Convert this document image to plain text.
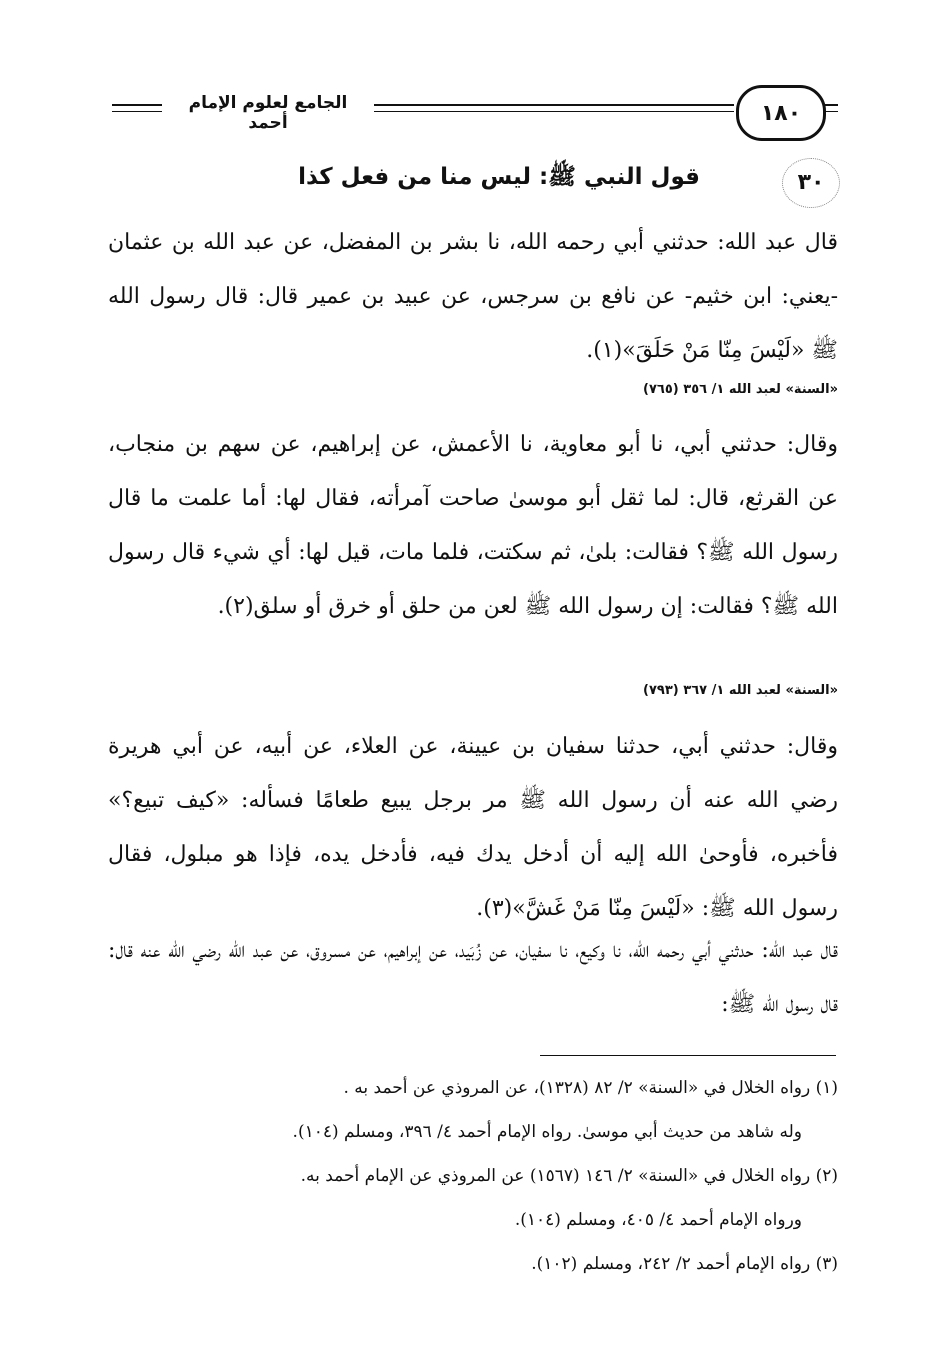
الجامع لعلوم الإمام أحمد	١٨٠
٣٠
قول النبي ﷺ: ليس منا من فعل كذا

قال عبد الله: حدثني أبي رحمه الله، نا بشر بن المفضل، عن عبد الله بن عثمان -يعني: ابن خثيم- عن نافع بن سرجس، عن عبيد بن عمير قال: قال رسول الله ﷺ «لَيْسَ مِنّا مَنْ حَلَقَ»(١).

«السنة» لعبد الله ١/ ٣٥٦ (٧٦٥)

وقال: حدثني أبي، نا أبو معاوية، نا الأعمش، عن إبراهيم، عن سهم بن منجاب، عن القرثع، قال: لما ثقل أبو موسىٰ صاحت آمرأته، فقال لها: أما علمت ما قال رسول الله ﷺ؟ فقالت: بلىٰ، ثم سكتت، فلما مات، قيل لها: أي شيء قال رسول الله ﷺ؟ فقالت: إن رسول الله ﷺ لعن من حلق أو خرق أو سلق(٢).

«السنة» لعبد الله ١/ ٣٦٧ (٧٩٣)

وقال: حدثني أبي، حدثنا سفيان بن عيينة، عن العلاء، عن أبيه، عن أبي هريرة رضي الله عنه أن رسول الله ﷺ مر برجل يبيع طعامًا فسأله: «كيف تبيع؟» فأخبره، فأوحىٰ الله إليه أن أدخل يدك فيه، فأدخل يده، فإذا هو مبلول، فقال رسول الله ﷺ: «لَيْسَ مِنّا مَنْ غَشَّ»(٣).

قال عبد الله: حدثني أبي رحمه الله، نا وكيع، نا سفيان، عن زُبَيد، عن إبراهيم، عن مسروق، عن عبد الله رضي الله عنه قال: قال رسول الله ﷺ:

(١) رواه الخلال في «السنة» ٢/ ٨٢ (١٣٢٨)، عن المروذي عن أحمد به .

وله شاهد من حديث أبي موسىٰ. رواه الإمام أحمد ٤/ ٣٩٦، ومسلم (١٠٤).

(٢) رواه الخلال في «السنة» ٢/ ١٤٦ (١٥٦٧) عن المروذي عن الإمام أحمد به.

ورواه الإمام أحمد ٤/ ٤٠٥، ومسلم (١٠٤).

(٣) رواه الإمام أحمد ٢/ ٢٤٢، ومسلم (١٠٢).
